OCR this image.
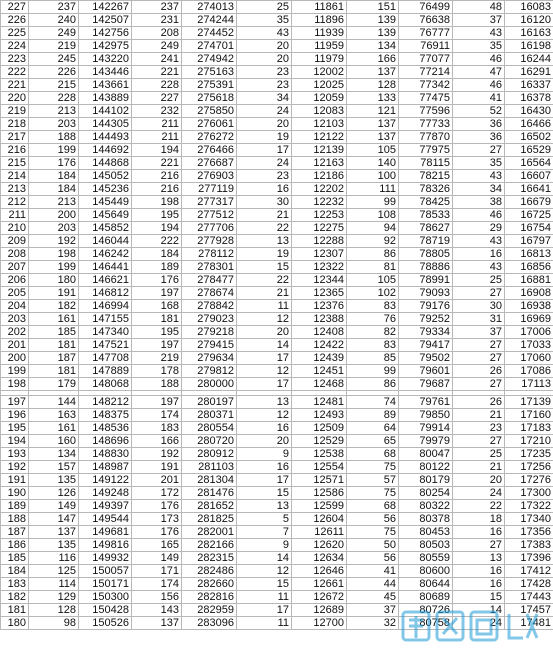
227	237	142267	237	274013	25	11861	151	76499	48	16083
226	240	142507	231	274244	35	11896	139	76638	37	16120
225	249	142756	208	274452	43	11939	139	76777	43	16163
224	219	142975	249	274701	20	11959	134	76911	35	16198
223	245	143220	241	274942	20	11979	166	77077	46	16244
222	226	143446	221	275163	23	12002	137	77214	47	16291
221	215	143661	228	275391	23	12025	128	77342	46	16337
220	228	143889	227	275618	34	12059	133	77475	41	16378
219	213	144102	232	275850	24	12083	121	77596	52	16430
218	203	144305	211	276061	20	12103	137	77733	36	16466
217	188	144493	211	276272	19	12122	137	77870	36	16502
216	199	144692	194	276466	17	12139	105	77975	27	16529
215	176	144868	221	276687	24	12163	140	78115	35	16564
214	184	145052	216	276903	23	12186	100	78215	43	16607
213	184	145236	216	277119	16	12202	111	78326	34	16641
212	213	145449	198	277317	30	12232	99	78425	38	16679
211	200	145649	195	277512	21	12253	108	78533	46	16725
210	203	145852	194	277706	22	12275	94	78627	29	16754
209	192	146044	222	277928	13	12288	92	78719	43	16797
208	198	146242	184	278112	19	12307	86	78805	16	16813
207	199	146441	189	278301	15	12322	81	78886	43	16856
206	180	146621	176	278477	22	12344	105	78991	25	16881
205	191	146812	197	278674	21	12365	102	79093	27	16908
204	182	146994	168	278842	11	12376	83	79176	30	16938
203	161	147155	181	279023	12	12388	76	79252	31	16969
202	185	147340	195	279218	20	12408	82	79334	37	17006
201	181	147521	197	279415	14	12422	83	79417	27	17033
200	187	147708	219	279634	17	12439	85	79502	27	17060
199	181	147889	178	279812	12	12451	99	79601	26	17086
198	179	148068	188	280000	17	12468	86	79687	27	17113

197	144	148212	197	280197	13	12481	74	79761	26	17139
196	163	148375	174	280371	12	12493	89	79850	21	17160
195	161	148536	183	280554	16	12509	64	79914	23	17183
194	160	148696	166	280720	20	12529	65	79979	27	17210
193	134	148830	192	280912	9	12538	68	80047	25	17235
192	157	148987	191	281103	16	12554	75	80122	21	17256
191	135	149122	201	281304	17	12571	57	80179	20	17276
190	126	149248	172	281476	15	12586	75	80254	24	17300
189	149	149397	176	281652	13	12599	68	80322	22	17322
188	147	149544	173	281825	5	12604	56	80378	18	17340
187	137	149681	176	282001	7	12611	75	80453	16	17356
186	135	149816	165	282166	9	12620	50	80503	27	17383
185	116	149932	149	282315	14	12634	56	80559	13	17396
184	125	150057	171	282486	12	12646	41	80600	16	17412
183	114	150171	174	282660	15	12661	44	80644	16	17428
182	129	150300	156	282816	11	12672	45	80689	15	17443
181	128	150428	143	282959	17	12689	37	80726	14	17457
180	98	150526	137	283096	11	12700	32	80758	24	17481
